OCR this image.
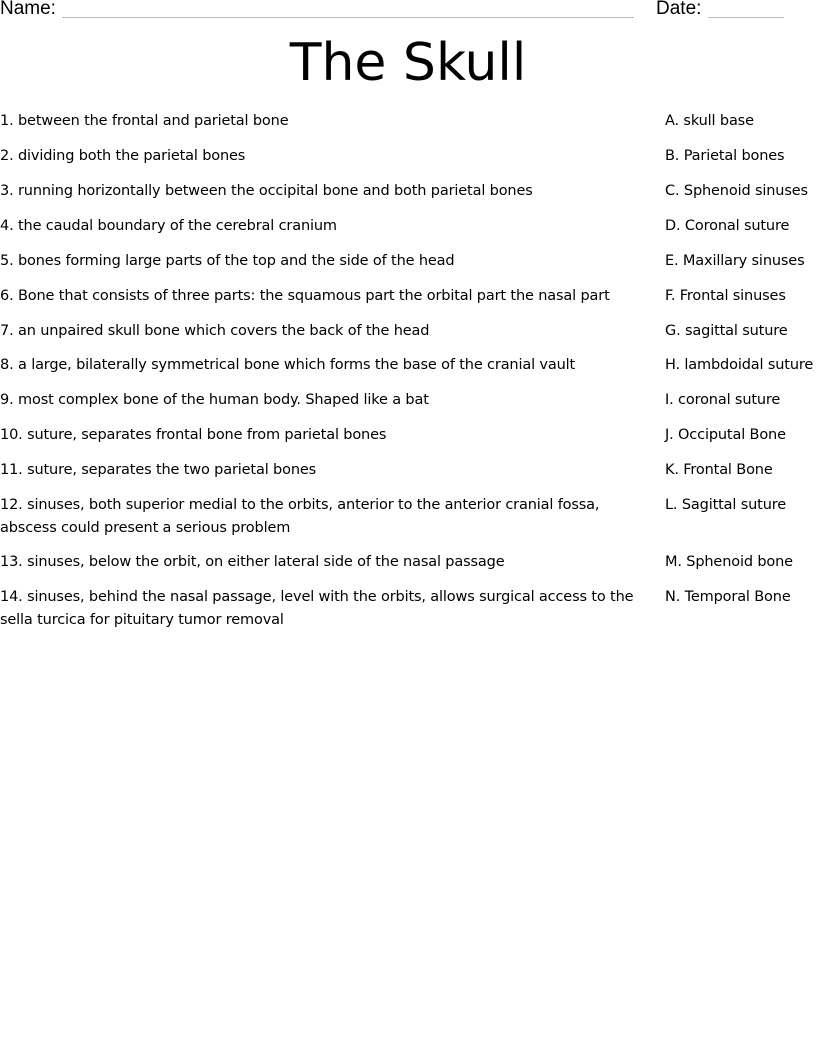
Name:	Date:
The Skull
1. between the frontal and parietal bone
2. dividing both the parietal bones
3. running horizontally between the occipital bone and both parietal bones
4. the caudal boundary of the cerebral cranium
5. bones forming large parts of the top and the side of the head
6. Bone that consists of three parts: the squamous part the orbital part the nasal part
7. an unpaired skull bone which covers the back of the head
8. a large, bilaterally symmetrical bone which forms the base of the cranial vault
9. most complex bone of the human body. Shaped like a bat
10. suture, separates frontal bone from parietal bones
11. suture, separates the two parietal bones
12. sinuses, both superior medial to the orbits, anterior to the anterior cranial fossa, abscess could present a serious problem
13. sinuses, below the orbit, on either lateral side of the nasal passage
14. sinuses, behind the nasal passage, level with the orbits, allows surgical access to the sella turcica for pituitary tumor removal
A. skull base
B. Parietal bones
C. Sphenoid sinuses
D. Coronal suture
E. Maxillary sinuses
F. Frontal sinuses
G. sagittal suture
H. lambdoidal suture
I. coronal suture
J. Occiputal Bone
K. Frontal Bone
L. Sagittal suture
M. Sphenoid bone
N. Temporal Bone
